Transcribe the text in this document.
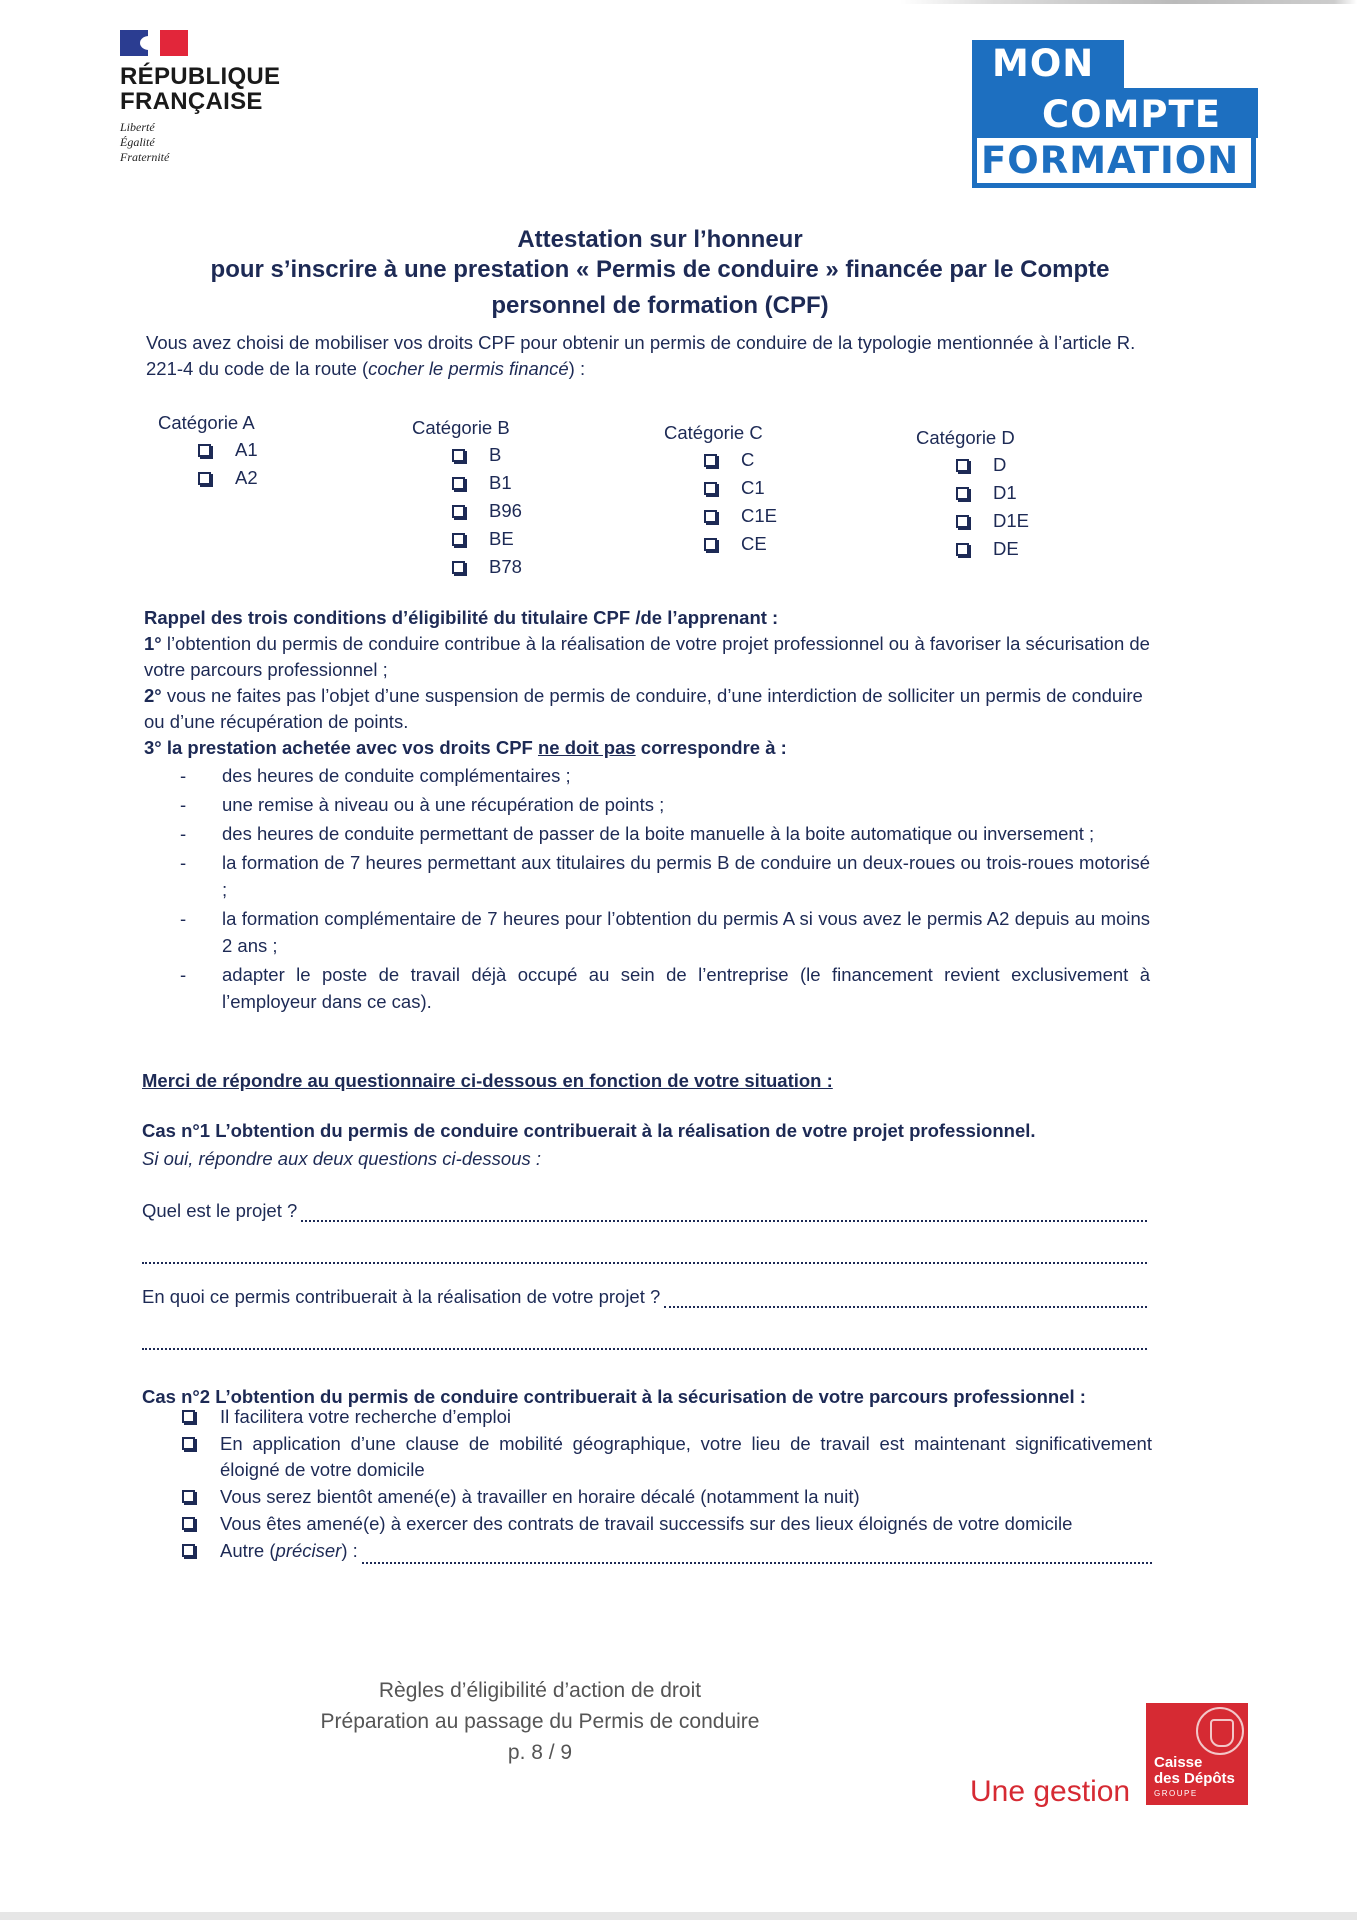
RÉPUBLIQUE
FRANÇAISE
Liberté
Égalité
Fraternité
MON
COMPTE
FORMATION
Attestation sur l’honneur
pour s’inscrire à une prestation « Permis de conduire » financée par le Compte
personnel de formation (CPF)

Vous avez choisi de mobiliser vos droits CPF pour obtenir un permis de conduire de la typologie mentionnée à l’article R. 221-4 du code de la route (cocher le permis financé) :

Catégorie A
A1
A2
Catégorie B
B
B1
B96
BE
B78
Catégorie C
C
C1
C1E
CE
Catégorie D
D
D1
D1E
DE

Rappel des trois conditions d’éligibilité du titulaire CPF /de l’apprenant :

1° l’obtention du permis de conduire contribue à la réalisation de votre projet professionnel ou à favoriser la sécurisation de votre parcours professionnel ;

2° vous ne faites pas l’objet d’une suspension de permis de conduire, d’une interdiction de solliciter un permis de conduire ou d’une récupération de points.

3° la prestation achetée avec vos droits CPF ne doit pas correspondre à :

- des heures de conduite complémentaires ;
- une remise à niveau ou à une récupération de points ;
- des heures de conduite permettant de passer de la boite manuelle à la boite automatique ou inversement ;
- la formation de 7 heures permettant aux titulaires du permis B de conduire un deux-roues ou trois-roues motorisé ;
- la formation complémentaire de 7 heures pour l’obtention du permis A si vous avez le permis A2 depuis au moins 2 ans ;
- adapter le poste de travail déjà occupé au sein de l’entreprise (le financement revient exclusivement à l’employeur dans ce cas).
Merci de répondre au questionnaire ci-dessous en fonction de votre situation :
Cas n°1 L’obtention du permis de conduire contribuerait à la réalisation de votre projet professionnel.
Si oui, répondre aux deux questions ci-dessous :
Quel est le projet ?
En quoi ce permis contribuerait à la réalisation de votre projet ?
Cas n°2 L’obtention du permis de conduire contribuerait à la sécurisation de votre parcours professionnel :
Il facilitera votre recherche d’emploi
En application d’une clause de mobilité géographique, votre lieu de travail est maintenant significativement éloigné de votre domicile
Vous serez bientôt amené(e) à travailler en horaire décalé (notamment la nuit)
Vous êtes amené(e) à exercer des contrats de travail successifs sur des lieux éloignés de votre domicile
Autre ( préciser ) :
Règles d’éligibilité d’action de droit
Préparation au passage du Permis de conduire
p. 8 / 9
Une gestion
Caisse
des Dépôts
GROUPE
